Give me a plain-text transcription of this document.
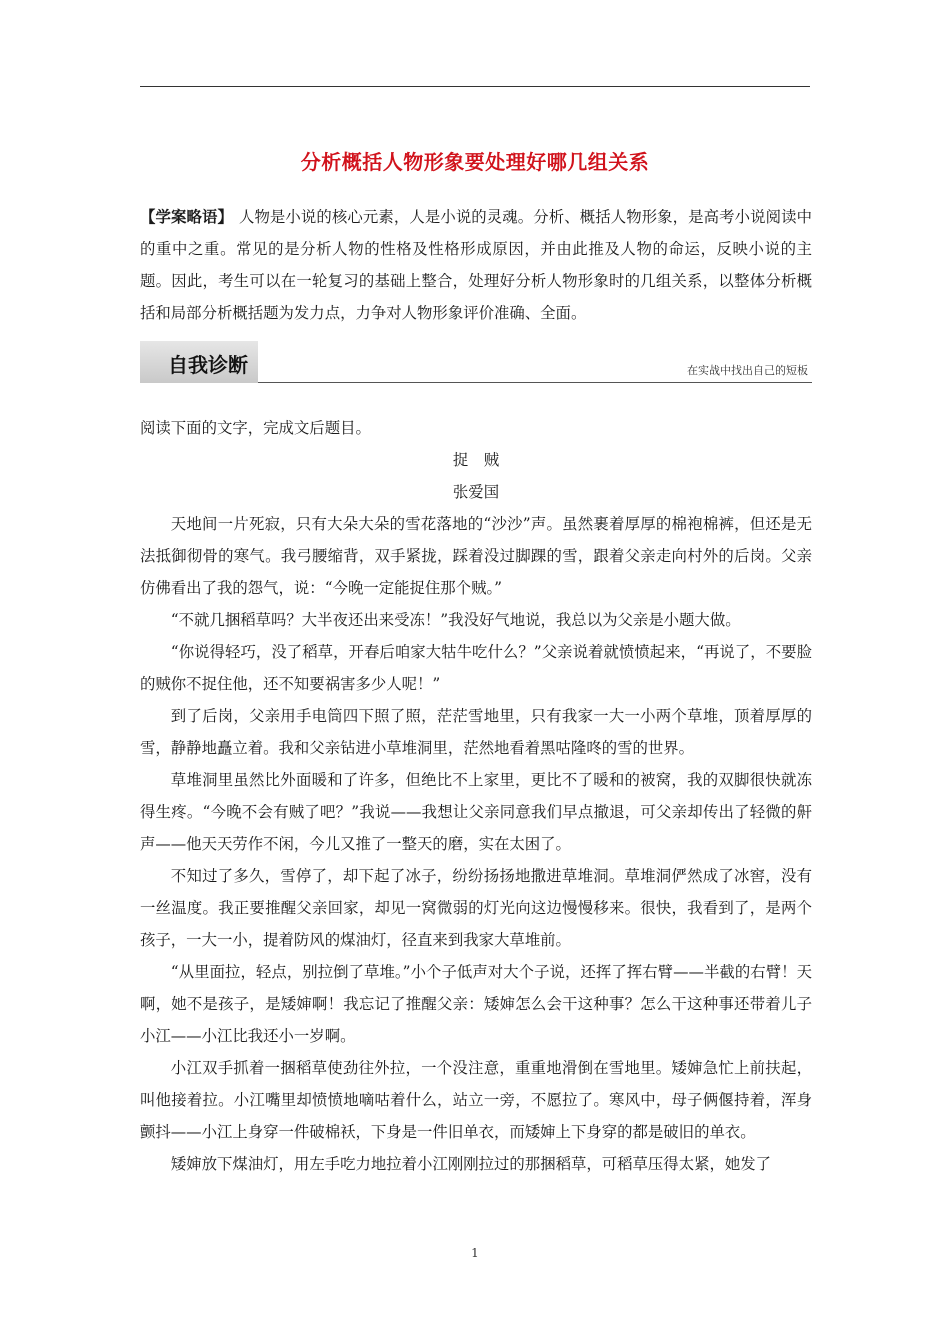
分析概括人物形象要处理好哪几组关系

【学案略语】 人物是小说的核心元素，人是小说的灵魂。分析、概括人物形象，是高考小说阅读中的重中之重。常见的是分析人物的性格及性格形成原因，并由此推及人物的命运，反映小说的主题。因此，考生可以在一轮复习的基础上整合，处理好分析人物形象时的几组关系，以整体分析概括和局部分析概括题为发力点，力争对人物形象评价准确、全面。

自我诊断	在实战中找出自己的短板

阅读下面的文字，完成文后题目。

捉　贼

张爱国

天地间一片死寂，只有大朵大朵的雪花落地的“沙沙”声。虽然裹着厚厚的棉袍棉裤，但还是无法抵御彻骨的寒气。我弓腰缩背，双手紧拢，踩着没过脚踝的雪，跟着父亲走向村外的后岗。父亲仿佛看出了我的怨气，说：“今晚一定能捉住那个贼。”

“不就几捆稻草吗？大半夜还出来受冻！”我没好气地说，我总以为父亲是小题大做。

“你说得轻巧，没了稻草，开春后咱家大牯牛吃什么？”父亲说着就愤愤起来，“再说了，不要脸的贼你不捉住他，还不知要祸害多少人呢！”

到了后岗，父亲用手电筒四下照了照，茫茫雪地里，只有我家一大一小两个草堆，顶着厚厚的雪，静静地矗立着。我和父亲钻进小草堆洞里，茫然地看着黑咕隆咚的雪的世界。

草堆洞里虽然比外面暖和了许多，但绝比不上家里，更比不了暖和的被窝，我的双脚很快就冻得生疼。“今晚不会有贼了吧？”我说——我想让父亲同意我们早点撤退，可父亲却传出了轻微的鼾声——他天天劳作不闲，今儿又推了一整天的磨，实在太困了。

不知过了多久，雪停了，却下起了冰子，纷纷扬扬地撒进草堆洞。草堆洞俨然成了冰窖，没有一丝温度。我正要推醒父亲回家，却见一窝微弱的灯光向这边慢慢移来。很快，我看到了，是两个孩子，一大一小，提着防风的煤油灯，径直来到我家大草堆前。

“从里面拉，轻点，别拉倒了草堆。”小个子低声对大个子说，还挥了挥右臂——半截的右臂！天啊，她不是孩子，是矮婶啊！我忘记了推醒父亲：矮婶怎么会干这种事？怎么干这种事还带着儿子小江——小江比我还小一岁啊。

小江双手抓着一捆稻草使劲往外拉，一个没注意，重重地滑倒在雪地里。矮婶急忙上前扶起，叫他接着拉。小江嘴里却愤愤地嘀咕着什么，站立一旁，不愿拉了。寒风中，母子俩偃持着，浑身颤抖——小江上身穿一件破棉袄，下身是一件旧单衣，而矮婶上下身穿的都是破旧的单衣。

矮婶放下煤油灯，用左手吃力地拉着小江刚刚拉过的那捆稻草，可稻草压得太紧，她发了

1
